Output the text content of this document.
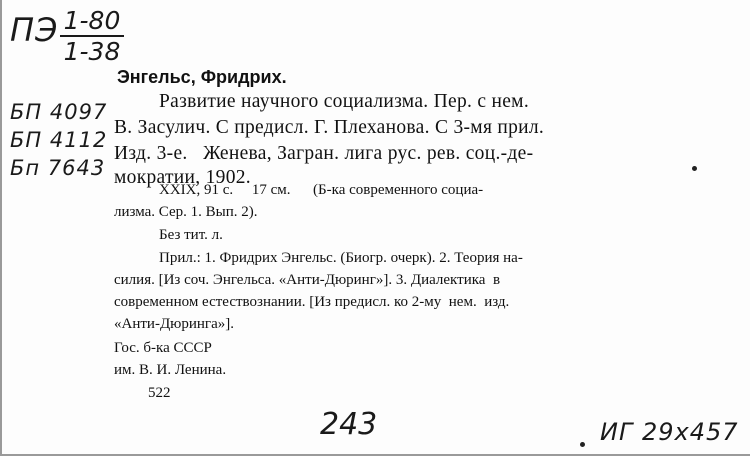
ПЭ 1-80
1-38
БП 4097
БП 4112
Бп 7643
Энгельс, Фридрих.
Развитие научного социализма. Пер. с нем.
В. Засулич. С предисл. Г. Плеханова. С 3-мя прил.
Изд. 3-е.   Женева, Загран. лига рус. рев. соц.-де-
мократии, 1902.
XXIX, 91 с.     17 см.      (Б-ка современного социа-
лизма. Сер. 1. Вып. 2).
Без тит. л.
Прил.: 1. Фридрих Энгельс. (Биогр. очерк). 2. Теория на-
силия. [Из соч. Энгельса. «Анти-Дюринг»]. 3. Диалектика  в
современном естествознании. [Из предисл. ко 2-му  нем.  изд.
«Анти-Дюринга»].
Гос. б-ка СССР
им. В. И. Ленина.
522
243	ИГ 29х457
